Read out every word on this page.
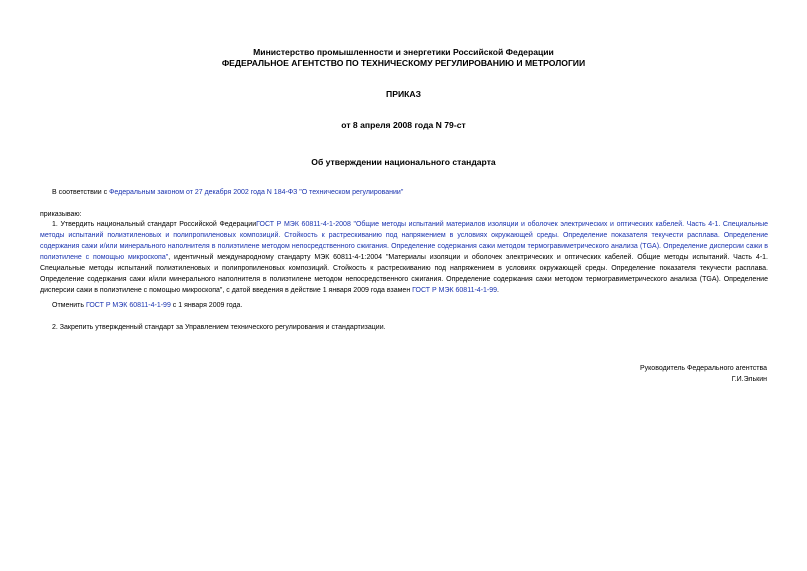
Министерство промышленности и энергетики Российской Федерации
ФЕДЕРАЛЬНОЕ АГЕНТСТВО ПО ТЕХНИЧЕСКОМУ РЕГУЛИРОВАНИЮ И МЕТРОЛОГИИ
ПРИКАЗ
от 8 апреля 2008 года N 79-ст
Об утверждении национального стандарта
В соответствии с Федеральным законом от 27 декабря 2002 года N 184-ФЗ "О техническом регулировании"
приказываю:
1. Утвердить национальный стандарт Российской ФедерацииГОСТ Р МЭК 60811-4-1-2008 "Общие методы испытаний материалов изоляции и оболочек электрических и оптических кабелей. Часть 4-1. Специальные методы испытаний полиэтиленовых и полипропиленовых композиций. Стойкость к растрескиванию под напряжением в условиях окружающей среды. Определение показателя текучести расплава. Определение содержания сажи и/или минерального наполнителя в полиэтилене методом непосредственного сжигания. Определение содержания сажи методом термогравиметрического анализа (TGA). Определение дисперсии сажи в полиэтилене с помощью микроскопа", идентичный международному стандарту МЭК 60811-4-1:2004 "Материалы изоляции и оболочек электрических и оптических кабелей. Общие методы испытаний. Часть 4-1. Специальные методы испытаний полиэтиленовых и полипропиленовых композиций. Стойкость к растрескиванию под напряжением в условиях окружающей среды. Определение показателя текучести расплава. Определение содержания сажи и/или минерального наполнителя в полиэтилене методом непосредственного сжигания. Определение содержания сажи методом термогравиметрического анализа (TGA). Определение дисперсии сажи в полиэтилене с помощью микроскопа", с датой введения в действие 1 января 2009 года взамен ГОСТ Р МЭК 60811-4-1-99.
Отменить ГОСТ Р МЭК 60811-4-1-99 с 1 января 2009 года.
2. Закрепить утвержденный стандарт за Управлением технического регулирования и стандартизации.
Руководитель Федерального агентства
Г.И.Элькин
